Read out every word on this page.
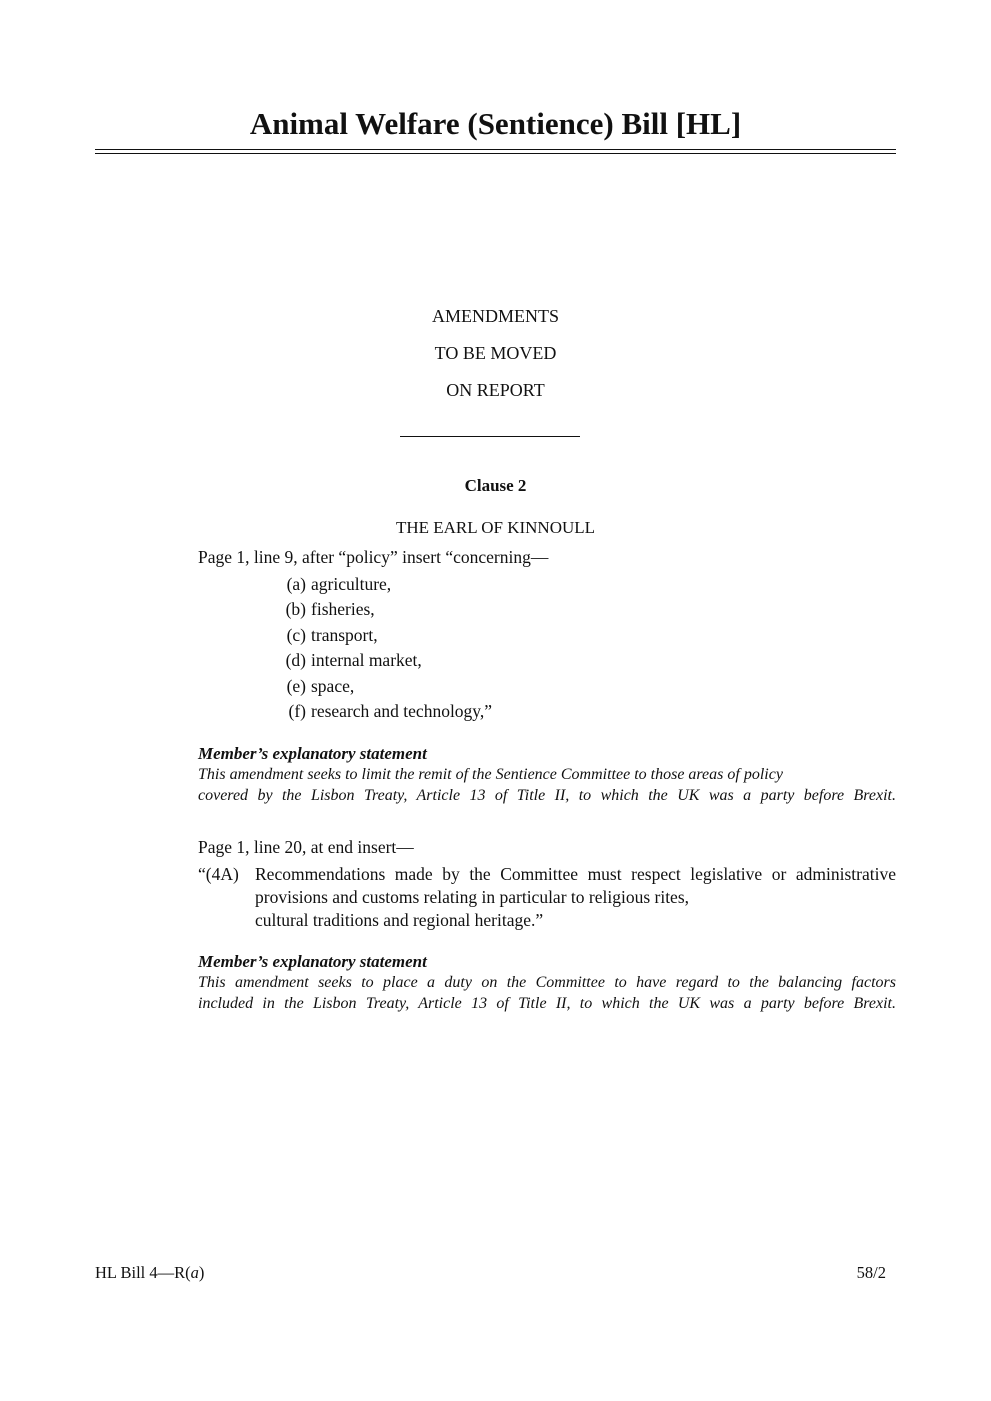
Animal Welfare (Sentience) Bill [HL]
AMENDMENTS
TO BE MOVED
ON REPORT
Clause 2
THE EARL OF KINNOULL
Page 1, line 9, after “policy” insert “concerning—
(a) agriculture,
(b) fisheries,
(c) transport,
(d) internal market,
(e) space,
(f) research and technology,”
Member’s explanatory statement
This amendment seeks to limit the remit of the Sentience Committee to those areas of policy
covered by the Lisbon Treaty, Article 13 of Title II, to which the UK was a party before Brexit.
Page 1, line 20, at end insert—
“(4A) Recommendations made by the Committee must respect legislative or administrative provisions and customs relating in particular to religious rites,
cultural traditions and regional heritage.”
Member’s explanatory statement
This amendment seeks to place a duty on the Committee to have regard to the balancing factors
included in the Lisbon Treaty, Article 13 of Title II, to which the UK was a party before Brexit.
HL Bill 4—R(a)	58/2
